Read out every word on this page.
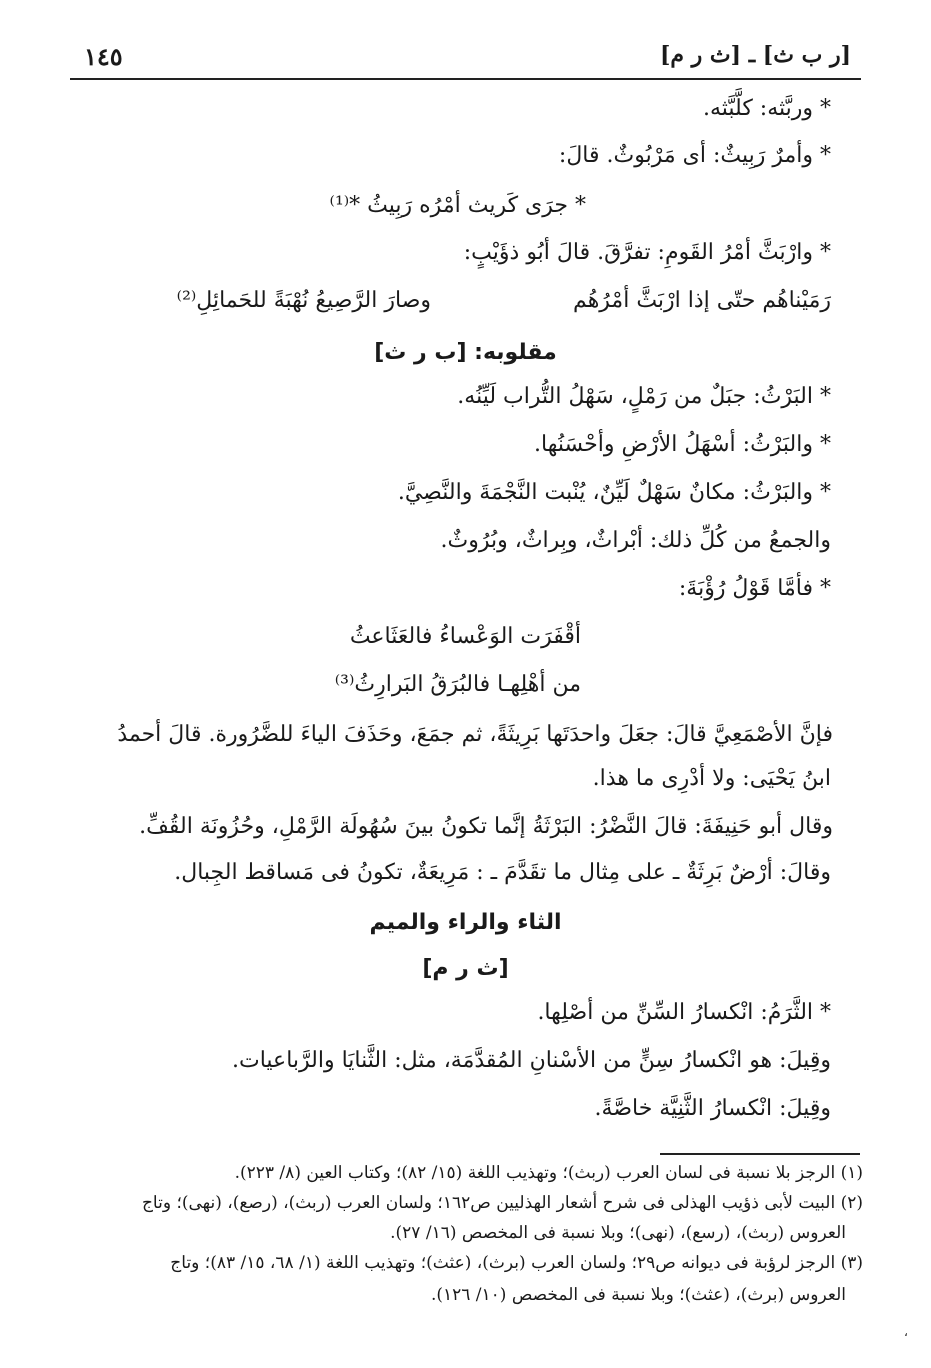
[ر ب ث] ـ [ث ر م]
١٤٥
* وربَّثه: كلَّبَّثه.
* وأمرٌ رَبِيثٌ: أى مَرْبُوثٌ. قالَ:
* جرَى كَريث أمْرُه رَبِيثُ *⁽¹⁾
* وارْبَثَّ أمْرُ القَومِ: تفرَّقَ. قالَ أبُو ذؤَيْبٍ:
رَمَيْناهُم حتّى إذا ارْبَثَّ أمْرُهُم
وصارَ الرَّصِيعُ نُهْبَةً للحَمائِلِ⁽²⁾
مقلوبه: [ب ر ث]
* البَرْثُ: جبَلٌ من رَمْلٍ، سَهْلُ التُّراب لَيِّنُه.
* والبَرْثُ: أسْهَلُ الأرْضِ وأحْسَنُها.
* والبَرْثُ: مكانٌ سَهْلٌ لَيِّنٌ، يُنْبت النَّجْمَةَ والنَّصِيَّ.
والجمعُ من كُلِّ ذلك: أبْراثٌ، وبِراثٌ، وبُرُوثٌ.
* فأمَّا قَوْلُ رُؤْبَةَ:
أقْفَرَت الوَعْساءُ فالعَثَاعثُ
من أهْلِهـا فالبُرَقُ البَرارِثُ⁽³⁾
فإنَّ الأصْمَعِيَّ قالَ: جعَلَ واحدَتَها بَرِيثَةً، ثم جمَعَ، وحَذَفَ الياءَ للضَّرُورة. قالَ أحمدُ
ابنُ يَحْيَى: ولا أدْرِى ما هذا.
وقال أبو حَنِيفَةَ: قالَ النَّضْرُ: البَرْثَةُ إنَّما تكونُ بينَ سُهُولَة الرَّمْلِ، وحُزُونَة القُفِّ.
وقالَ: أرْضٌ بَرِثَةٌ ـ على مِثال ما تقَدَّمَ ـ : مَرِيعَةٌ، تكونُ فى مَساقط الجِبال.
الثاء والراء والميم
[ث ر م]
* الثَّرَمُ: انْكسارُ السِّنِّ من أصْلِها.
وقِيلَ: هو انْكسارُ سِنٍّ من الأسْنانِ المُقدَّمَة، مثل: الثَّنايَا والرَّباعيات.
وقِيلَ: انْكسارُ الثَّنِيَّة خاصَّةً.
(١) الرجز بلا نسبة فى لسان العرب (ربث)؛ وتهذيب اللغة (١٥/ ٨٢)؛ وكتاب العين (٨/ ٢٢٣).
(٢) البيت لأبى ذؤيب الهذلى فى شرح أشعار الهذليين ص١٦٢؛ ولسان العرب (ربث)، (رصع)، (نهى)؛ وتاج
العروس (ربث)، (رسع)، (نهى)؛ وبلا نسبة فى المخصص (١٦/ ٢٧).
(٣) الرجز لرؤبة فى ديوانه ص٢٩؛ ولسان العرب (برث)، (عثث)؛ وتهذيب اللغة (١/ ٦٨، ١٥/ ٨٣)؛ وتاج
العروس (برث)، (عثث)؛ وبلا نسبة فى المخصص (١٠/ ١٢٦).
،
